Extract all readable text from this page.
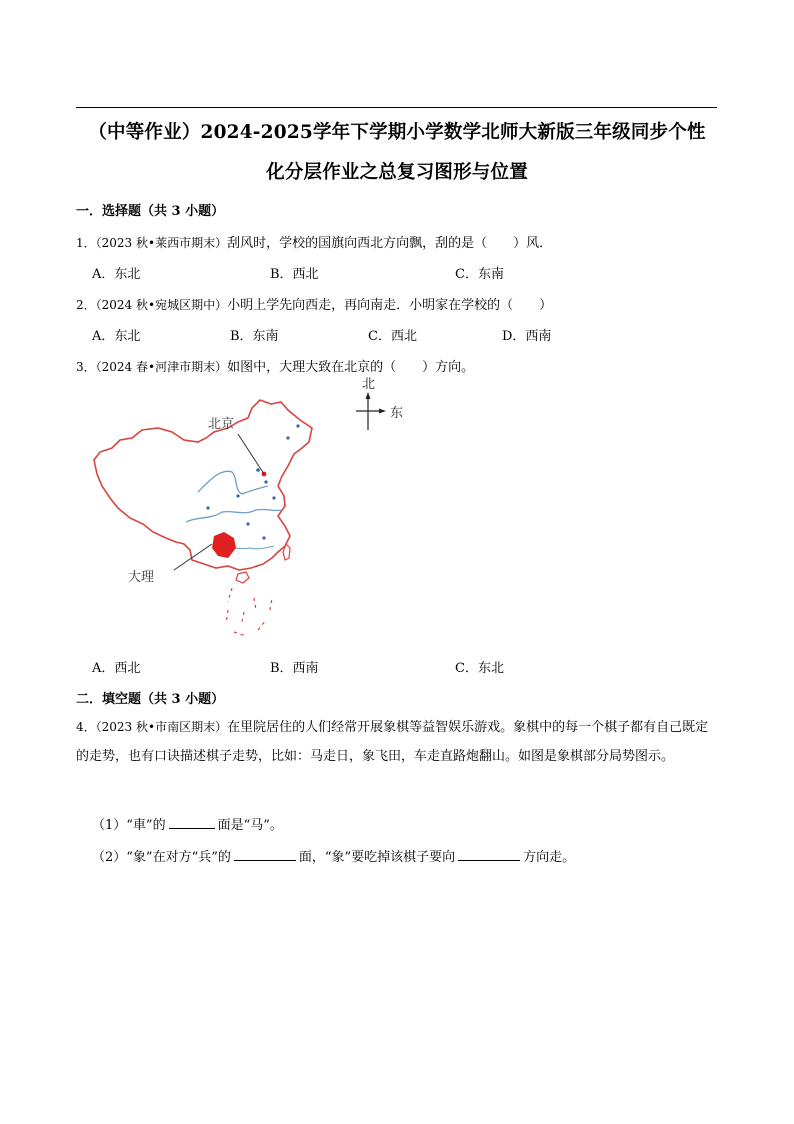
（中等作业）2024-2025学年下学期小学数学北师大新版三年级同步个性
化分层作业之总复习图形与位置
一．选择题（共 3 小题）
1．（2023 秋•莱西市期末）刮风时，学校的国旗向西北方向飘，刮的是（　　）风．
A．东北	B．西北	C．东南
2．（2024 秋•宛城区期中）小明上学先向西走，再向南走．小明家在学校的（　　）
A．东北	B．东南	C．西北	D．西南
3．（2024 春•河津市期末）如图中，大理大致在北京的（　　）方向。
北
东
北京
大理
A．西北	B．西南	C．东北
二．填空题（共 3 小题）
4．（2023 秋•市南区期末）在里院居住的人们经常开展象棋等益智娱乐游戏。象棋中的每一个棋子都有自己既定的走势，也有口诀描述棋子走势，比如：马走日，象飞田，车走直路炮翻山。如图是象棋部分局势图示。
（1）“車”的	面是“马”。
（2）“象”在对方“兵”的	面，“象”要吃掉该棋子要向	方向走。
